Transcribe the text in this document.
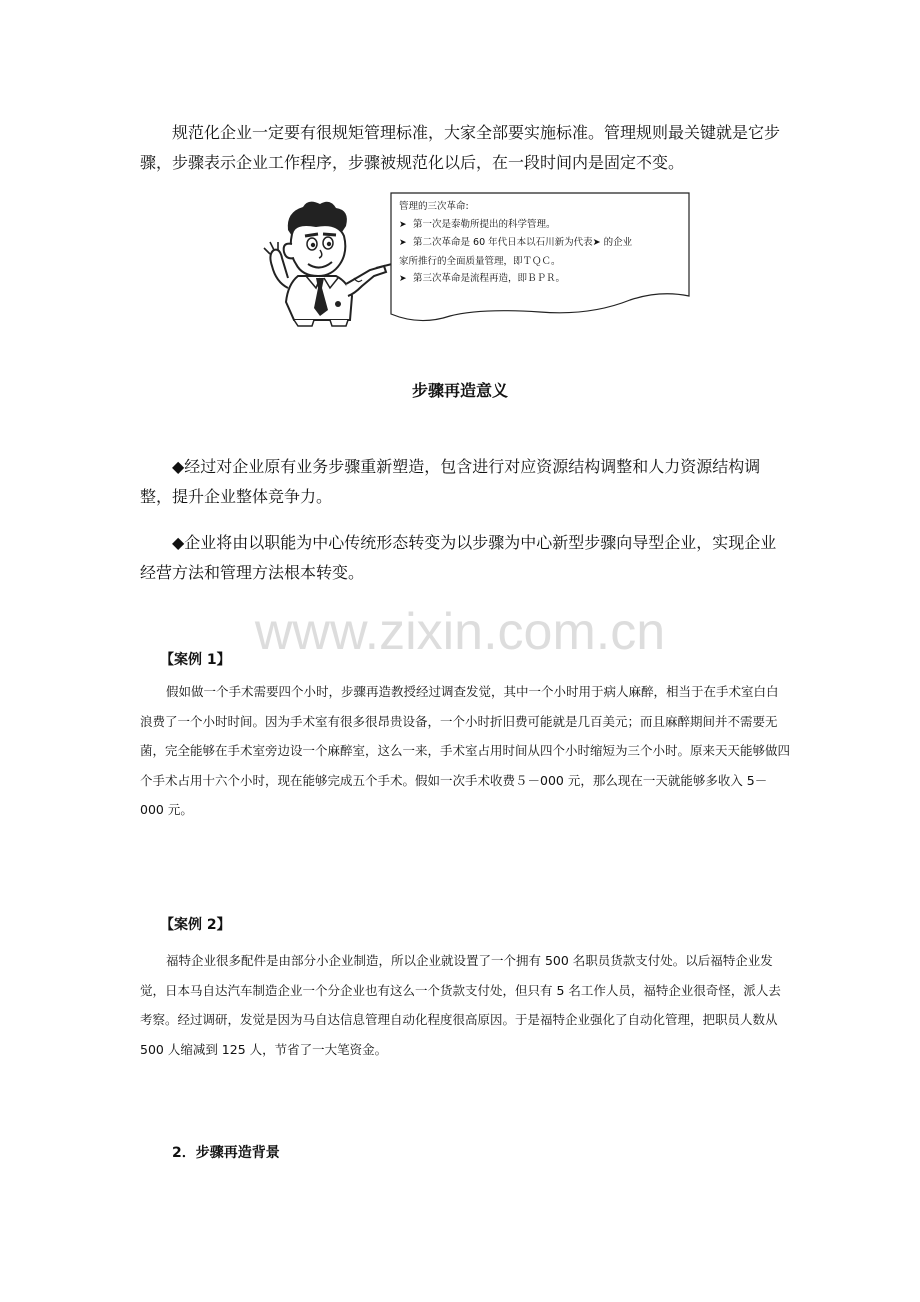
规范化企业一定要有很规矩管理标准，大家全部要实施标准。管理规则最关键就是它步骤，步骤表示企业工作程序，步骤被规范化以后，在一段时间内是固定不变。

管理的三次革命:
➤ 第一次是泰勒所提出的科学管理。
➤ 第二次革命是 60 年代日本以石川新为代表➤ 的企业
家所推行的全面质量管理，即ＴＱＣ。
➤ 第三次革命是流程再造，即ＢＰＲ。
步骤再造意义

◆经过对企业原有业务步骤重新塑造，包含进行对应资源结构调整和人力资源结构调整，提升企业整体竞争力。

◆企业将由以职能为中心传统形态转变为以步骤为中心新型步骤向导型企业，实现企业经营方法和管理方法根本转变。

www.zixin.com.cn

【案例 1】

假如做一个手术需要四个小时，步骤再造教授经过调查发觉，其中一个小时用于病人麻醉，相当于在手术室白白浪费了一个小时时间。因为手术室有很多很昂贵设备，一个小时折旧费可能就是几百美元；而且麻醉期间并不需要无菌，完全能够在手术室旁边设一个麻醉室，这么一来，手术室占用时间从四个小时缩短为三个小时。原来天天能够做四个手术占用十六个小时，现在能够完成五个手术。假如一次手术收费５－000 元，那么现在一天就能够多收入 5－000 元。

【案例 2】

福特企业很多配件是由部分小企业制造，所以企业就设置了一个拥有 500 名职员货款支付处。以后福特企业发觉，日本马自达汽车制造企业一个分企业也有这么一个货款支付处，但只有 5 名工作人员，福特企业很奇怪，派人去考察。经过调研，发觉是因为马自达信息管理自动化程度很高原因。于是福特企业强化了自动化管理，把职员人数从 500 人缩减到 125 人，节省了一大笔资金。

2．步骤再造背景
